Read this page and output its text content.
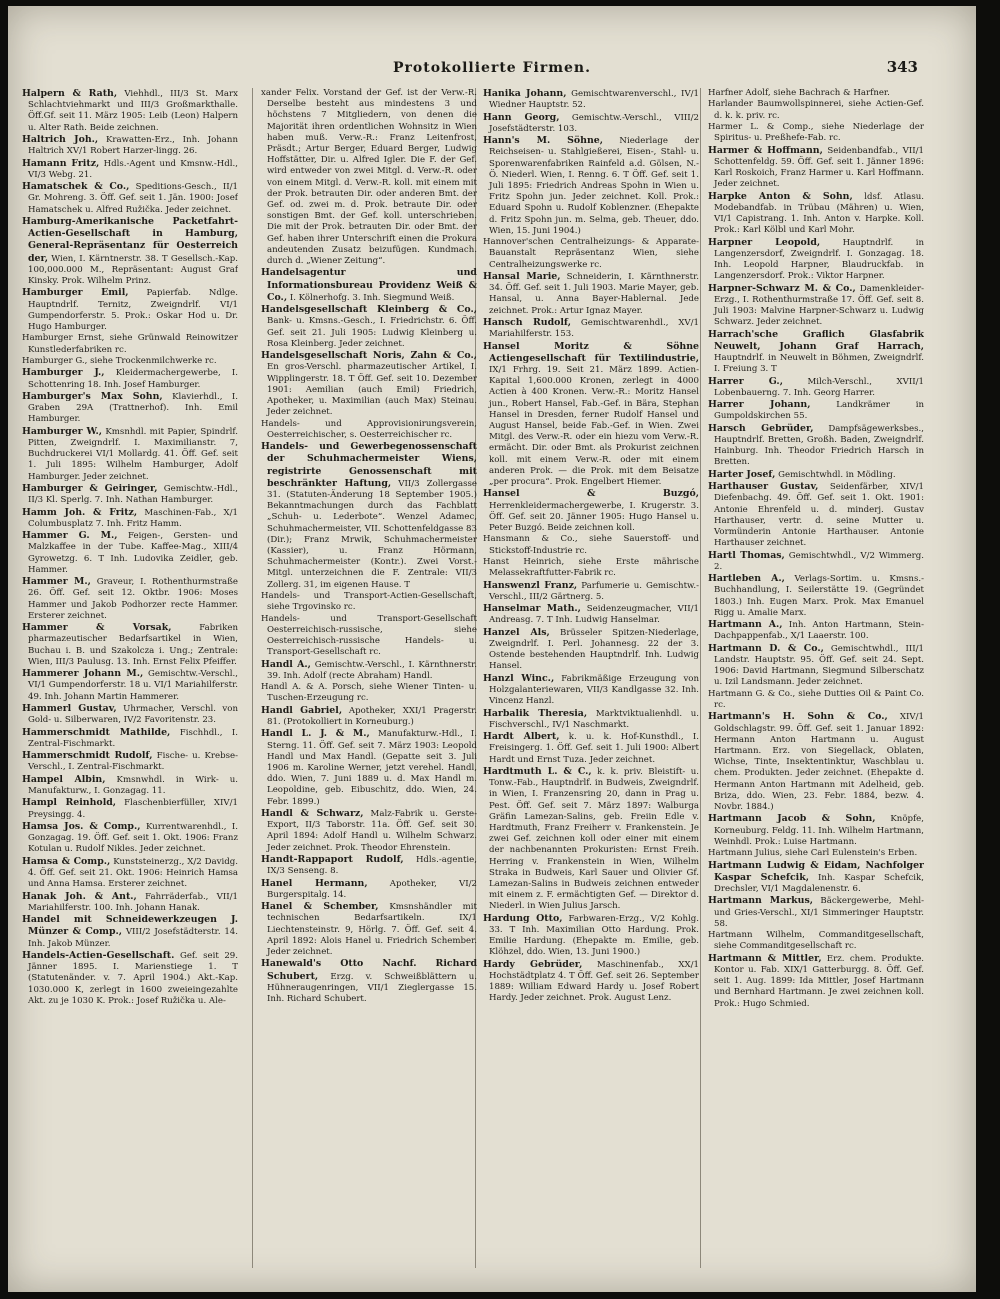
Protokollierte Firmen.	343

Halpern & Rath, Viehhdl., III/3 St. Marx Schlachtviehmarkt und III/3 Großmarkthalle. Öff.Gf. seit 11. März 1905: Leib (Leon) Halpern u. Alter Rath. Beide zeichnen.

Haltrich Joh., Krawatten-Erz., Inh. Johann Haltrich XV/1 Robert Harzer-lingg. 26.

Hamann Fritz, Hdls.-Agent und Kmsnw.-Hdl., VI/3 Webg. 21.

Hamatschek & Co., Speditions-Gesch., II/1 Gr. Mohreng. 3. Öff. Gef. seit 1. Jän. 1900: Josef Hamatschek u. Alfred Ružička. Jeder zeichnet.

Hamburg-Amerikanische Packetfahrt-Actien-Gesellschaft in Hamburg, General-Repräsentanz für Oesterreich der, Wien, I. Kärntnerstr. 38. T Gesellsch.-Kap. 100,000.000 M., Repräsentant: August Graf Kinsky. Prok. Wilhelm Prinz.

Hamburger Emil, Papierfab. Ndlge. Hauptndrlf. Ternitz, Zweigndrlf. VI/1 Gumpendorferstr. 5. Prok.: Oskar Hod u. Dr. Hugo Hamburger.

Hamburger Ernst, siehe Grünwald Reinowitzer Kunstlederfabriken rc.

Hamburger G., siehe Trockenmilchwerke rc.

Hamburger J., Kleidermachergewerbe, I. Schottenring 18. Inh. Josef Hamburger.

Hamburger's Max Sohn, Klavierhdl., I. Graben 29A (Trattnerhof). Inh. Emil Hamburger.

Hamburger W., Kmsnhdl. mit Papier, Spindrlf. Pitten, Zweigndrlf. I. Maximilianstr. 7, Buchdruckerei VI/1 Mollardg. 41. Öff. Gef. seit 1. Juli 1895: Wilhelm Hamburger, Adolf Hamburger. Jeder zeichnet.

Hamburger & Geiringer, Gemischtw.-Hdl., II/3 Kl. Sperlg. 7. Inh. Nathan Hamburger.

Hamm Joh. & Fritz, Maschinen-Fab., X/1 Columbusplatz 7. Inh. Fritz Hamm.

Hammer G. M., Feigen-, Gersten- und Malzkaffee in der Tube. Kaffee-Mag., XIII/4 Gyrowetzg. 6. T Inh. Ludovika Zeidler, geb. Hammer.

Hammer M., Graveur, I. Rothenthurmstraße 26. Öff. Gef. seit 12. Oktbr. 1906: Moses Hammer und Jakob Podhorzer recte Hammer. Ersterer zeichnet.

Hammer & Vorsak,	Fabriken pharmazeutischer Bedarfsartikel in Wien, Buchau i. B. und Szakolcza i. Ung.; Zentrale: Wien, III/3 Paulusg. 13. Inh. Ernst Felix Pfeiffer.

Hammerer Johann M., Gemischtw.-Verschl., VI/1 Gumpendorferstr. 18 u. VI/1 Mariahilferstr. 49. Inh. Johann Martin Hammerer.

Hammerl Gustav, Uhrmacher, Verschl. von Gold- u. Silberwaren, IV/2 Favoritenstr. 23.

Hammerschmidt Mathilde, Fischhdl., I. Zentral-Fischmarkt.

Hammerschmidt Rudolf, Fische- u. Krebse-Verschl., I. Zentral-Fischmarkt.

Hampel Albin, Kmsnwhdl. in Wirk- u. Manufakturw., I. Gonzagag. 11.

Hampl Reinhold, Flaschenbierfüller, XIV/1 Preysingg. 4.

Hamsa Jos. & Comp., Kurrentwarenhdl., I. Gonzagag. 19. Öff. Gef. seit 1. Okt. 1906: Franz Kotulan u. Rudolf Nikles. Jeder zeichnet.

Hamsa & Comp., Kunststeinerzg., X/2 Davidg. 4. Öff. Gef. seit 21. Okt. 1906: Heinrich Hamsa und Anna Hamsa. Ersterer zeichnet.

Hanak Joh. & Ant., Fahrräderfab., VII/1 Mariahilferstr. 100. Inh. Johann Hanak.

Handel mit Schneidewerkzeugen J. Münzer & Comp., VIII/2 Josefstädterstr. 14. Inh. Jakob Münzer.

Handels-Actien-Gesellschaft. Gef. seit 29. Jänner 1895. I. Marienstiege 1. T (Statutenänder. v. 7. April 1904.) Akt.-Kap. 1030.000 K, zerlegt in 1600 zweieingezahlte Akt. zu je 1030 K. Prok.: Josef Ružička u. Ale-

xander Felix. Vorstand der Gef. ist der Verw.-R. Derselbe besteht aus mindestens 3 und höchstens 7 Mitgliedern, von denen die Majorität ihren ordentlichen Wohnsitz in Wien haben muß. Verw.-R.: Franz Leitenfrost, Präsdt.; Artur Berger, Eduard Berger, Ludwig Hoffstätter, Dir. u. Alfred Igler. Die F. der Gef. wird entweder von zwei Mitgl. d. Verw.-R. oder von einem Mitgl. d. Verw.-R. koll. mit einem mit der Prok. betrauten Dir. oder anderen Bmt. der Gef. od. zwei m. d. Prok. betraute Dir. oder sonstigen Bmt. der Gef. koll. unterschrieben. Die mit der Prok. betrauten Dir. oder Bmt. der Gef. haben ihrer Unterschrift einen die Prokura andeutenden Zusatz beizufügen. Kundmach. durch d. „Wiener Zeitung“.

Handelsagentur und Informationsbureau Providenz Weiß & Co., I. Kölnerhofg. 3. Inh. Siegmund Weiß.

Handelsgesellschaft Kleinberg & Co., Bank- u. Kmsns.-Gesch., I. Friedrichstr. 6. Öff. Gef. seit 21. Juli 1905: Ludwig Kleinberg u. Rosa Kleinberg. Jeder zeichnet.

Handelsgesellschaft Noris, Zahn & Co., En gros-Verschl. pharmazeutischer Artikel, I. Wipplingerstr. 18. T Öff. Gef. seit 10. Dezember 1901: Aemilian (auch Emil) Friedrich, Apotheker, u. Maximilian (auch Max) Steinau. Jeder zeichnet.

Handels- und Approvisionirungsverein, Oesterreichischer, s. Oesterreichischer rc.

Handels- und Gewerbegenossenschaft der Schuhmachermeister Wiens, registrirte Genossenschaft mit beschränkter Haftung, VII/3 Zollergasse 31. (Statuten-Änderung 18 September 1905.) Bekanntmachungen durch das Fachblatt „Schuh- u. Lederbote“. Wenzel Adamec, Schuhmachermeister, VII. Schottenfeldgasse 83 (Dir.); Franz Mrwik, Schuhmachermeister (Kassier), u. Franz Hörmann, Schuhmachermeister (Kontr.). Zwei Vorst.-Mitgl. unterzeichnen die F. Zentrale: VII/3 Zollerg. 31, im eigenen Hause. T

Handels- und Transport-Actien-Gesellschaft, siehe Trgovinsko rc.

Handels- und Transport-Gesellschaft Oesterreichisch-russische, siehe Oesterreichisch-russische Handels- u. Transport-Gesellschaft rc.

Handl A., Gemischtw.-Verschl., I. Kärnthnerstr. 39. Inh. Adolf (recte Abraham) Handl.

Handl A. & A. Porsch, siehe Wiener Tinten- u. Tuschen-Erzeugung rc.

Handl Gabriel, Apotheker, XXI/1 Pragerstr. 81. (Protokolliert in Korneuburg.)

Handl L. J. & M., Manufakturw.-Hdl., I. Sterng. 11. Öff. Gef. seit 7. März 1903: Leopold Handl und Max Handl. (Gepatte seit 3. Juli 1906 m. Karoline Werner, jetzt verehel. Handl, ddo. Wien, 7. Juni 1889 u. d. Max Handl m. Leopoldine, geb. Eibuschitz, ddo. Wien, 24. Febr. 1899.)

Handl & Schwarz, Malz-Fabrik u. Gerste-Export, II/3 Taborstr. 11a. Öff. Gef. seit 30. April 1894: Adolf Handl u. Wilhelm Schwarz. Jeder zeichnet. Prok. Theodor Ehrenstein.

Handt-Rappaport Rudolf, Hdls.-agentie, IX/3 Senseng. 8.

Hanel Hermann,	Apotheker, VI/2 Burgerspitalg. 14.

Hanel & Schember, Kmsnshändler mit technischen Bedarfsartikeln. IX/1 Liechtensteinstr. 9, Hörlg. 7. Öff. Gef. seit 4. April 1892: Alois Hanel u. Friedrich Schember. Jeder zeichnet.

Hanewald's Otto Nachf. Richard Schubert, Erzg. v. Schweißblättern u. Hühneraugenringen, VII/1 Zieglergasse 15. Inh. Richard Schubert.

Hanika Johann, Gemischtwarenverschl., IV/1 Wiedner Hauptstr. 52.

Hann Georg, Gemischtw.-Verschl., VIII/2 Josefstädterstr. 103.

Hann's M. Söhne, Niederlage der Reichseisen- u. Stahlgießerei, Eisen-, Stahl- u. Sporenwarenfabriken Rainfeld a.d. Gölsen, N.-Ö. Niederl. Wien, I. Renng. 6. T Öff. Gef. seit 1. Juli 1895: Friedrich Andreas Spohn in Wien u. Fritz Spohn jun. Jeder zeichnet. Koll. Prok.: Eduard Spohn u. Rudolf Koblenzner. (Ehepakte d. Fritz Spohn jun. m. Selma, geb. Theuer, ddo. Wien, 15. Juni 1904.)

Hannover'schen Centralheizungs- & Apparate-Bauanstalt Repräsentanz Wien, siehe Centralheizungswerke rc.

Hansal Marie, Schneiderin, I. Kärnthnerstr. 34. Öff. Gef. seit 1. Juli 1903. Marie Mayer, geb. Hansal, u. Anna Bayer-Hablernal. Jede zeichnet. Prok.: Artur Ignaz Mayer.

Hansch Rudolf, Gemischtwarenhdl., XV/1 Mariahilferstr. 153.

Hansel Moritz & Söhne Actiengesellschaft für Textilindustrie, IX/1 Frhrg. 19. Seit 21. März 1899. Actien-Kapital 1,600.000 Kronen, zerlegt in 4000 Actien à 400 Kronen. Verw.-R.: Moritz Hansel jun., Robert Hansel, Fab.-Gef. in Bära, Stephan Hansel in Dresden, ferner Rudolf Hansel und August Hansel, beide Fab.-Gef. in Wien. Zwei Mitgl. des Verw.-R. oder ein hiezu vom Verw.-R. ermächt. Dir. oder Bmt. als Prokurist zeichnen koll. mit einem Verw.-R. oder mit einem anderen Prok. — die Prok. mit dem Beisatze „per procura“. Prok. Engelbert Hiemer.

Hansel & Buzgó, Herrenkleidermachergewerbe, I. Krugerstr. 3. Öff. Gef. seit 20. Jänner 1905: Hugo Hansel u. Peter Buzgó. Beide zeichnen koll.

Hansmann & Co., siehe Sauerstoff- und Stickstoff-Industrie rc.

Hanst Heinrich, siehe Erste mährische Melassekraftfutter-Fabrik rc.

Hanswenzl Franz, Parfumerie u. Gemischtw.-Verschl., III/2 Gärtnerg. 5.

Hanselmar Math., Seidenzeugmacher, VII/1 Andreasg. 7. T Inh. Ludwig Hanselmar.

Hanzel Als, Brüsseler Spitzen-Niederlage, Zweigndrlf. I. Perl. Johannesg. 22 der 3. Ostende bestehenden Hauptndrlf. Inh. Ludwig Hansel.

Hanzl Winc., Fabrikmäßige Erzeugung von Holzgalanteriewaren, VII/3 Kandlgasse 32. Inh. Vincenz Hanzl.

Harbalik Theresia, Marktviktualienhdl. u. Fischverschl., IV/1 Naschmarkt.

Hardt Albert, k. u. k. Hof-Kunsthdl., I. Freisingerg. 1. Öff. Gef. seit 1. Juli 1900: Albert Hardt und Ernst Tuza. Jeder zeichnet.

Hardtmuth L. & C., k. k. priv. Bleistift- u. Tonw.-Fab., Hauptndrlf. in Budweis, Zweigndrlf. in Wien, I. Franzensring 20, dann in Prag u. Pest. Öff. Gef. seit 7. März 1897: Walburga Gräfin Lamezan-Salins, geb. Freiin Edle v. Hardtmuth, Franz Freiherr v. Frankenstein. Je zwei Gef. zeichnen koll oder einer mit einem der nachbenannten Prokuristen: Ernst Freih. Herring v. Frankenstein in Wien, Wilhelm Straka in Budweis, Karl Sauer und Olivier Gf. Lamezan-Salins in Budweis zeichnen entweder mit einem z. F. ermächtigten Gef. — Direktor d. Niederl. in Wien Julius Jarsch.

Hardung Otto, Farbwaren-Erzg., V/2 Kohlg. 33. T Inh. Maximilian Otto Hardung. Prok. Emilie Hardung. (Ehepakte m. Emilie, geb. Klöhzel, ddo. Wien, 13. Juni 1900.)

Hardy Gebrüder, Maschinenfab., XX/1 Hochstädtplatz 4. T Öff. Gef. seit 26. September 1889: William Edward Hardy u. Josef Robert Hardy. Jeder zeichnet. Prok. August Lenz.

Harfner Adolf, siehe Bachrach & Harfner.

Harlander Baumwollspinnerei, siehe Actien-Gef. d. k. k. priv. rc.

Harmer L. & Comp., siehe Niederlage der Spiritus- u. Preßhefe-Fab. rc.

Harmer & Hoffmann, Seidenbandfab., VII/1 Schottenfeldg. 59. Öff. Gef. seit 1. Jänner 1896: Karl Roskoich, Franz Harmer u. Karl Hoffmann. Jeder zeichnet.

Harpke Anton & Sohn, ldsf. Atlasu. Modebandfab. in Trübau (Mähren) u. Wien, VI/1 Capistrang. 1. Inh. Anton v. Harpke. Koll. Prok.: Karl Kölbl und Karl Mohr.

Harpner Leopold,	Hauptndrlf. in Langenzersdorf, Zweigndrlf. I. Gonzagag. 18. Inh. Leopold Harpner, Blaudruckfab. in Langenzersdorf. Prok.: Viktor Harpner.

Harpner-Schwarz M. & Co., Damenkleider-Erzg., I. Rothenthurmstraße 17. Öff. Gef. seit 8. Juli 1903: Malvine Harpner-Schwarz u. Ludwig Schwarz. Jeder zeichnet.

Harrach'sche Graflich Glasfabrik Neuwelt, Johann Graf Harrach, Hauptndrlf. in Neuwelt in Böhmen, Zweigndrlf. I. Freiung 3. T

Harrer G.,	Milch-Verschl., XVII/1 Lobenbauerng. 7. Inh. Georg Harrer.

Harrer Johann,	Landkrämer in Gumpoldskirchen 55.

Harsch Gebrüder, Dampfsägewerksbes., Hauptndrlf. Bretten, Großh. Baden, Zweigndrlf. Hainburg. Inh. Theodor Friedrich Harsch in Bretten.

Harter Josef, Gemischtwhdl. in Mödling.

Harthauser Gustav, Seidenfärber, XIV/1 Diefenbachg. 49. Öff. Gef. seit 1. Okt. 1901: Antonie Ehrenfeld u. d. minderj. Gustav Harthauser, vertr. d. seine Mutter u. Vormünderin Antonie Harthauser. Antonie Harthauser zeichnet.

Hartl Thomas, Gemischtwhdl., V/2 Wimmerg. 2.

Hartleben A., Verlags-Sortim. u. Kmsns.-Buchhandlung, I. Seilerstätte 19. (Gegründet 1803.) Inh. Eugen Marx. Prok. Max Emanuel Rigg u. Amalie Marx.

Hartmann A., Inh. Anton Hartmann, Stein-Dachpappenfab., X/1 Laaerstr. 100.

Hartmann D. & Co., Gemischtwhdl., III/1 Landstr. Hauptstr. 95. Öff. Gef. seit 24. Sept. 1906: David Hartmann, Siegmund Silberschatz u. Izil Landsmann. Jeder zeichnet.

Hartmann G. & Co., siehe Dutties Oil & Paint Co. rc.

Hartmann's H. Sohn & Co., XIV/1 Goldschlagstr. 99. Öff. Gef. seit 1. Januar 1892: Hermann Anton Hartmann u. August Hartmann. Erz. von Siegellack, Oblaten, Wichse, Tinte, Insektentinktur, Waschblau u. chem. Produkten. Jeder zeichnet. (Ehepakte d. Hermann Anton Hartmann mit Adelheid, geb. Briza, ddo. Wien, 23. Febr. 1884, bezw. 4. Novbr. 1884.)

Hartmann Jacob & Sohn, Knöpfe, Korneuburg. Feldg. 11. Inh. Wilhelm Hartmann, Weinhdl. Prok.: Luise Hartmann.

Hartmann Julius, siehe Carl Eulenstein's Erben.

Hartmann Ludwig & Eidam, Nachfolger Kaspar Schefcik, Inh. Kaspar Schefcik, Drechsler, VI/1 Magdalenenstr. 6.

Hartmann Markus, Bäckergewerbe, Mehl- und Gries-Verschl., XI/1 Simmeringer Hauptstr. 58.

Hartmann Wilhelm, Commanditgesellschaft, siehe Commanditgesellschaft rc.

Hartmann & Mittler, Erz. chem. Produkte. Kontor u. Fab. XIX/1 Gatterburgg. 8. Öff. Gef. seit 1. Aug. 1899: Ida Mittler, Josef Hartmann und Bernhard Hartmann. Je zwei zeichnen koll. Prok.: Hugo Schmied.
